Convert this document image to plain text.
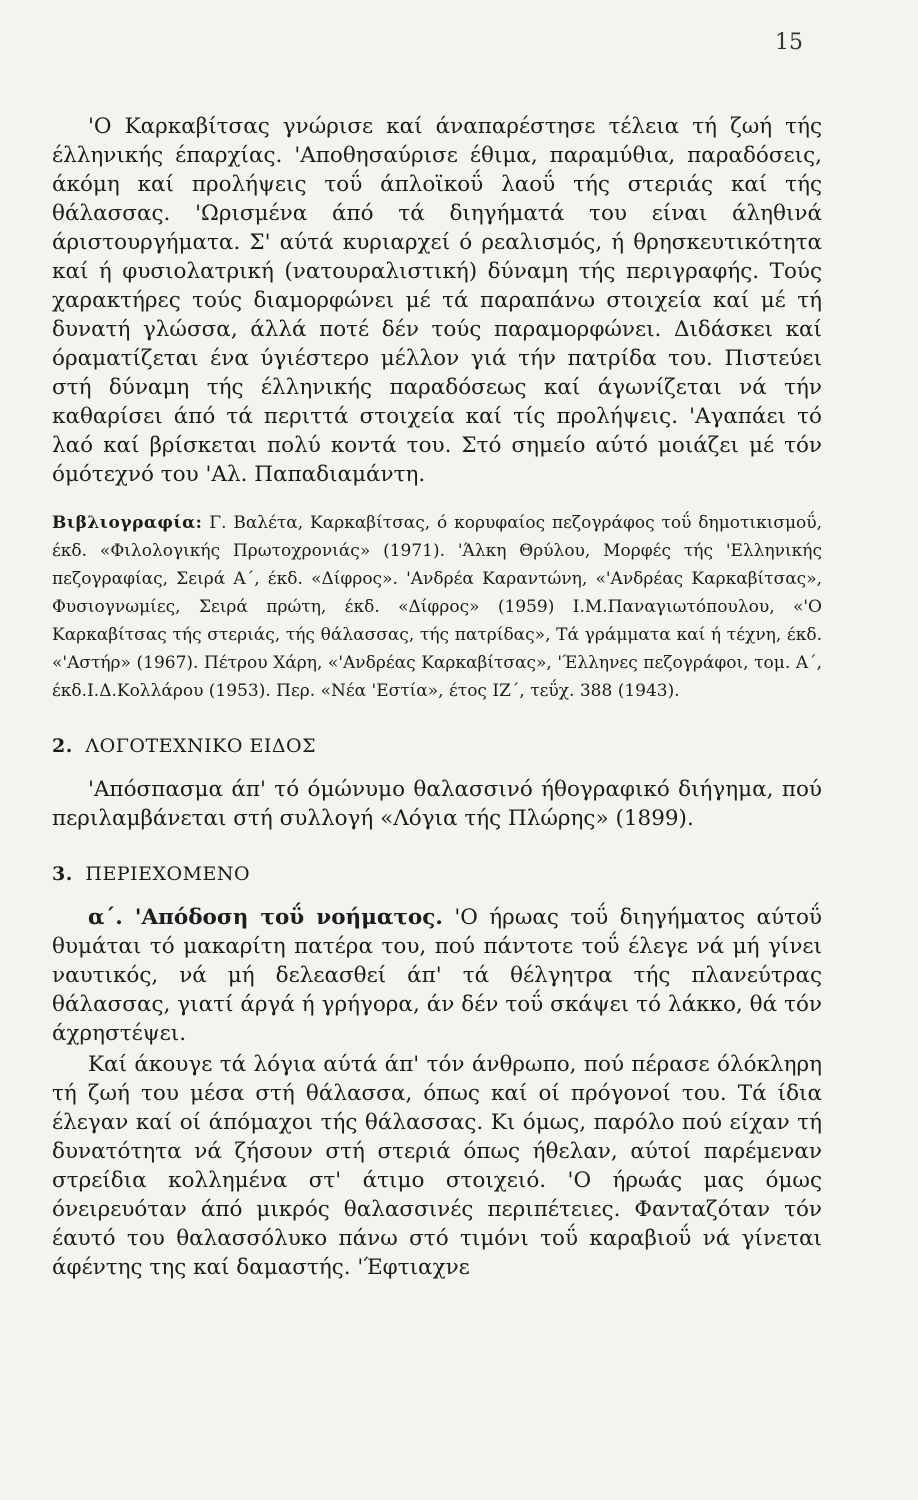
15

'Ο Καρκαβίτσας γνώρισε καί άναπαρέστησε τέλεια τή ζωή τής έλληνικής έπαρχίας. 'Αποθησαύρισε έθιμα, παραμύθια, παραδόσεις, άκόμη καί προλήψεις τοΰ άπλοϊκοΰ λαοΰ τής στεριάς καί τής θάλασσας. 'Ωρισμένα άπό τά διηγήματά του είναι άληθινά άριστουργήματα. Σ' αύτά κυριαρχεί ό ρεαλισμός, ή θρησκευτικότητα καί ή φυσιολατρική (νατουραλιστική) δύναμη τής περιγραφής. Τούς χαρακτήρες τούς διαμορφώνει μέ τά παραπάνω στοιχεία καί μέ τή δυνατή γλώσσα, άλλά ποτέ δέν τούς παραμορφώνει. Διδάσκει καί όραματίζεται ένα ύγιέστερο μέλλον γιά τήν πατρίδα του. Πιστεύει στή δύναμη τής έλληνικής παραδόσεως καί άγωνίζεται νά τήν καθαρίσει άπό τά περιττά στοιχεία καί τίς προλήψεις. 'Αγαπάει τό λαό καί βρίσκεται πολύ κοντά του. Στό σημείο αύτό μοιάζει μέ τόν όμότεχνό του 'Αλ. Παπαδιαμάντη.

Βιβλιογραφία: Γ. Βαλέτα, Καρκαβίτσας, ό κορυφαίος πεζογράφος τοΰ δημοτικισμοΰ, έκδ. «Φιλολογικής Πρωτοχρονιάς» (1971). 'Άλκη Θρύλου, Μορφές τής 'Ελληνικής πεζογραφίας, Σειρά Α΄, έκδ. «Δίφρος». 'Ανδρέα Καραντώνη, «'Ανδρέας Καρκαβίτσας», Φυσιογνωμίες, Σειρά πρώτη, έκδ. «Δίφρος» (1959) Ι.Μ.Παναγιωτόπουλου, «'Ο Καρκαβίτσας τής στεριάς, τής θάλασσας, τής πατρίδας», Τά γράμματα καί ή τέχνη, έκδ. «'Αστήρ» (1967). Πέτρου Χάρη, «'Ανδρέας Καρκαβίτσας», 'Έλληνες πεζογράφοι, τομ. Α΄, έκδ.Ι.Δ.Κολλάρου (1953). Περ. «Νέα 'Εστία», έτος ΙΖ΄, τεΰχ. 388 (1943).

2. ΛΟΓΟΤΕΧΝΙΚΟ ΕΙΔΟΣ

'Απόσπασμα άπ' τό όμώνυμο θαλασσινό ήθογραφικό διήγημα, πού περιλαμβάνεται στή συλλογή «Λόγια τής Πλώρης» (1899).

3. ΠΕΡΙΕΧΟΜΕΝΟ

α΄. 'Απόδοση τοΰ νοήματος. 'Ο ήρωας τοΰ διηγήματος αύτοΰ θυμάται τό μακαρίτη πατέρα του, πού πάντοτε τοΰ έλεγε νά μή γίνει ναυτικός, νά μή δελεασθεί άπ' τά θέλγητρα τής πλανεύτρας θάλασσας, γιατί άργά ή γρήγορα, άν δέν τοΰ σκάψει τό λάκκο, θά τόν άχρηστέψει.

Καί άκουγε τά λόγια αύτά άπ' τόν άνθρωπο, πού πέρασε όλόκληρη τή ζωή του μέσα στή θάλασσα, όπως καί οί πρόγονοί του. Τά ίδια έλεγαν καί οί άπόμαχοι τής θάλασσας. Κι όμως, παρόλο πού είχαν τή δυνατότητα νά ζήσουν στή στεριά όπως ήθελαν, αύτοί παρέμεναν στρείδια κολλημένα στ' άτιμο στοιχειό. 'Ο ήρωάς μας όμως όνειρευόταν άπό μικρός θαλασσινές περιπέτειες. Φανταζόταν τόν έαυτό του θαλασσόλυκο πάνω στό τιμόνι τοΰ καραβιοΰ νά γίνεται άφέντης της καί δαμαστής. 'Έφτιαχνε
